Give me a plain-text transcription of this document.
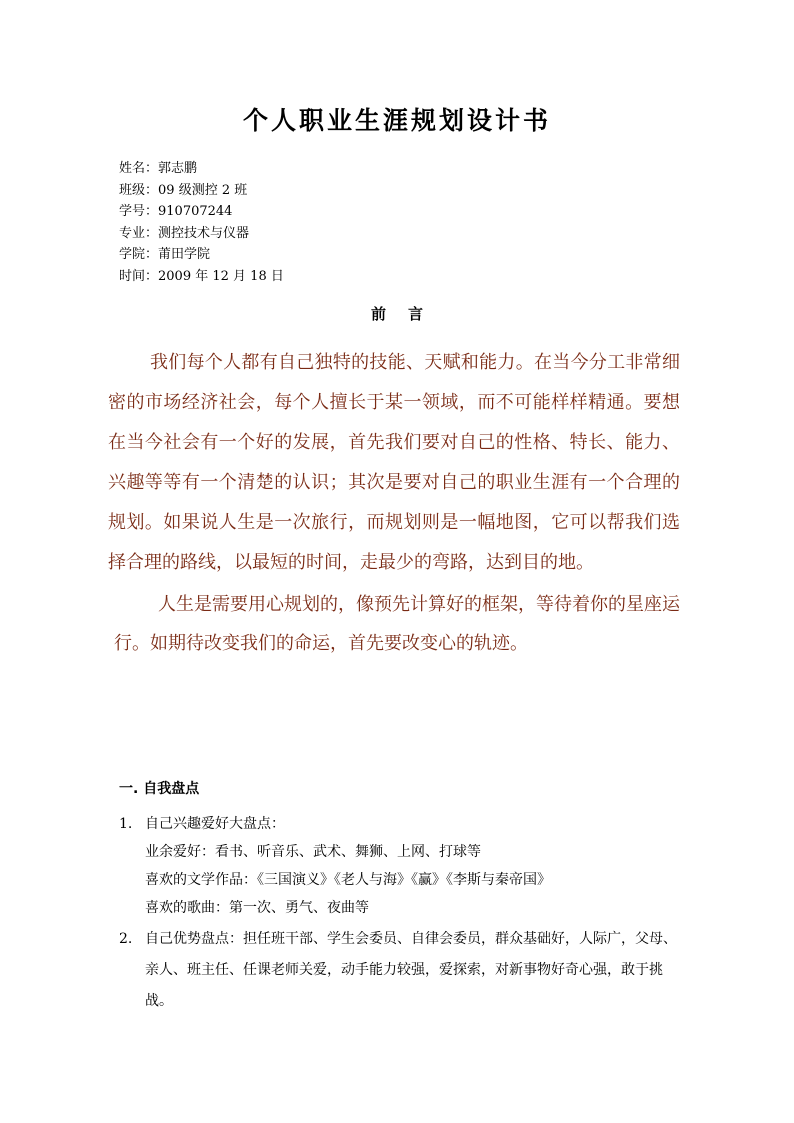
个人职业生涯规划设计书
姓名：郭志鹏
班级：09 级测控 2 班
学号：910707244
专业：测控技术与仪器
学院：莆田学院
时间：2009 年 12 月 18 日
前言

我们每个人都有自己独特的技能、天赋和能力。在当今分工非常细密的市场经济社会，每个人擅长于某一领域，而不可能样样精通。要想在当今社会有一个好的发展，首先我们要对自己的性格、特长、能力、兴趣等等有一个清楚的认识；其次是要对自己的职业生涯有一个合理的规划。如果说人生是一次旅行，而规划则是一幅地图，它可以帮我们选择合理的路线，以最短的时间，走最少的弯路，达到目的地。

人生是需要用心规划的，像预先计算好的框架，等待着你的星座运行。如期待改变我们的命运，首先要改变心的轨迹。

一. 自我盘点
1. 自己兴趣爱好大盘点：
业余爱好：看书、听音乐、武术、舞狮、上网、打球等
喜欢的文学作品：《三国演义》《老人与海》《赢》《李斯与秦帝国》
喜欢的歌曲：第一次、勇气、夜曲等
2. 自己优势盘点：担任班干部、学生会委员、自律会委员，群众基础好，人际广，父母、亲人、班主任、任课老师关爱，动手能力较强，爱探索，对新事物好奇心强，敢于挑战。
